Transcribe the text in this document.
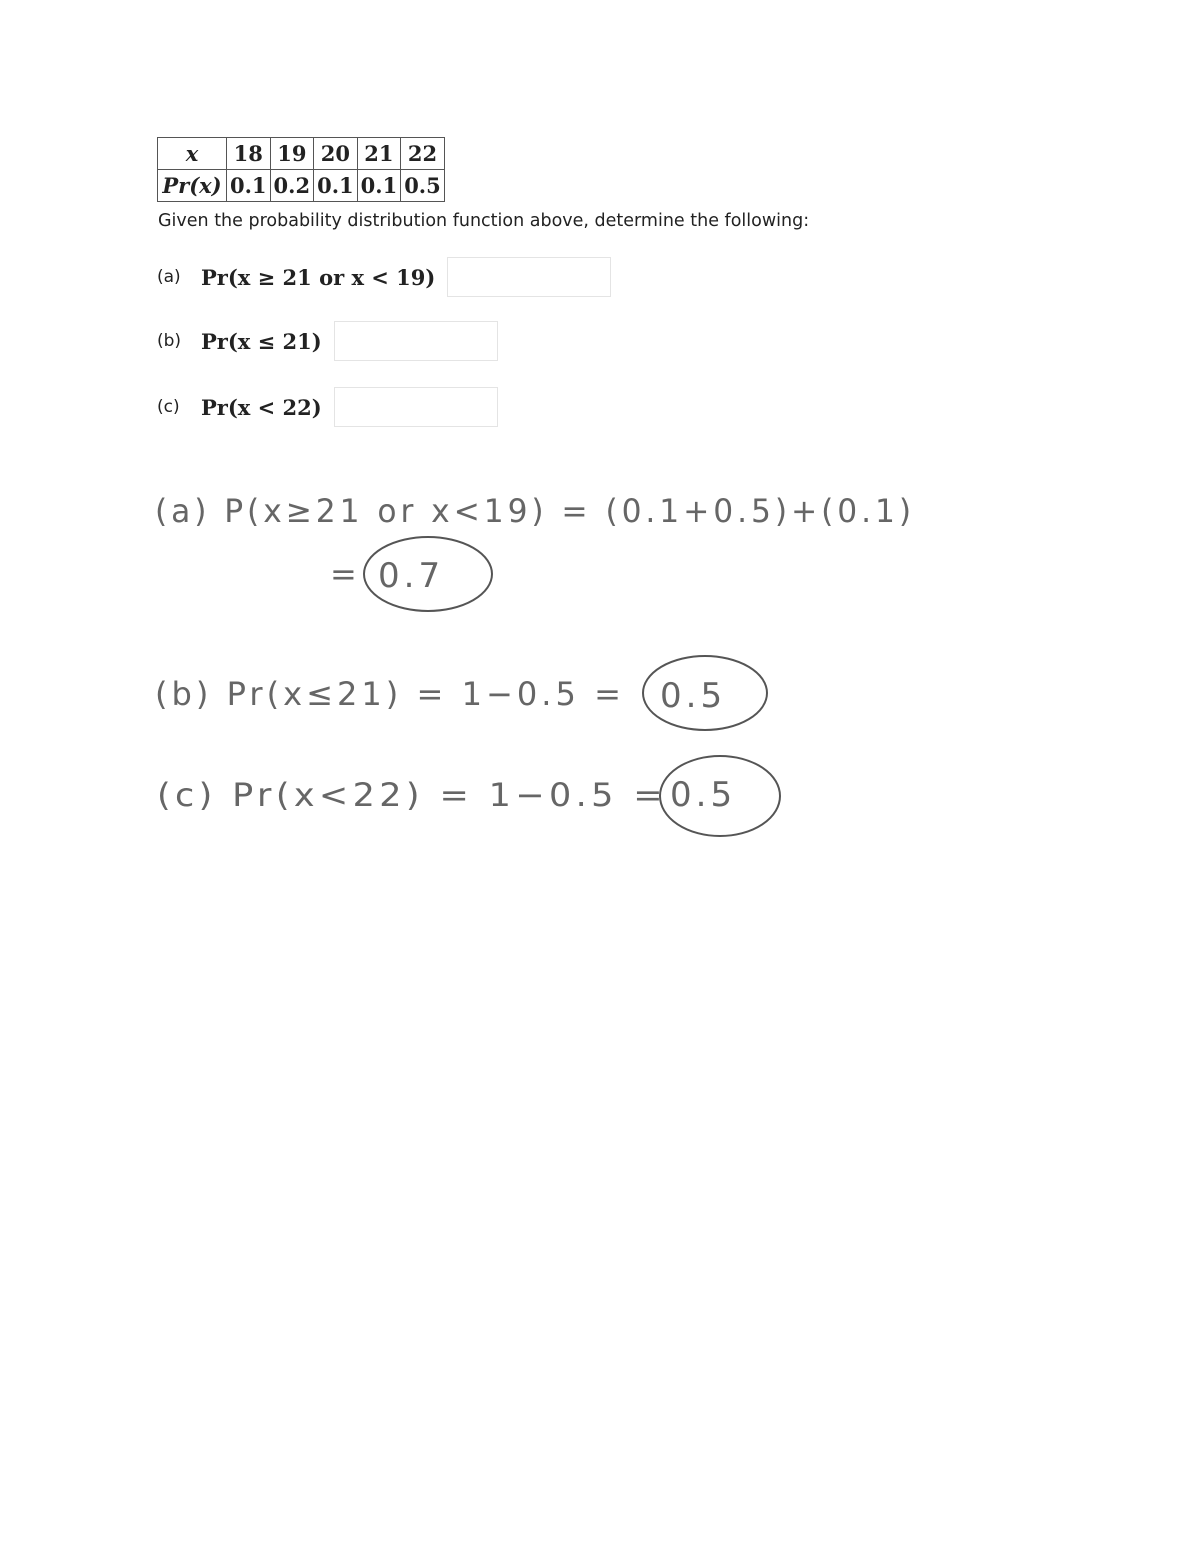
x	18	19	20	21	22
Pr(x)	0.1	0.2	0.1	0.1	0.5
Given the probability distribution function above, determine the following:
(a) Pr(x ≥ 21 or x < 19)
(b) Pr(x ≤ 21)
(c)	Pr(x < 22)
(a) P(x≥21 or x<19) = (0.1+0.5)+(0.1)
= 0.7
(b) Pr(x≤21) = 1−0.5 = 0.5
(c) Pr(x<22) = 1−0.5 = 0.5
